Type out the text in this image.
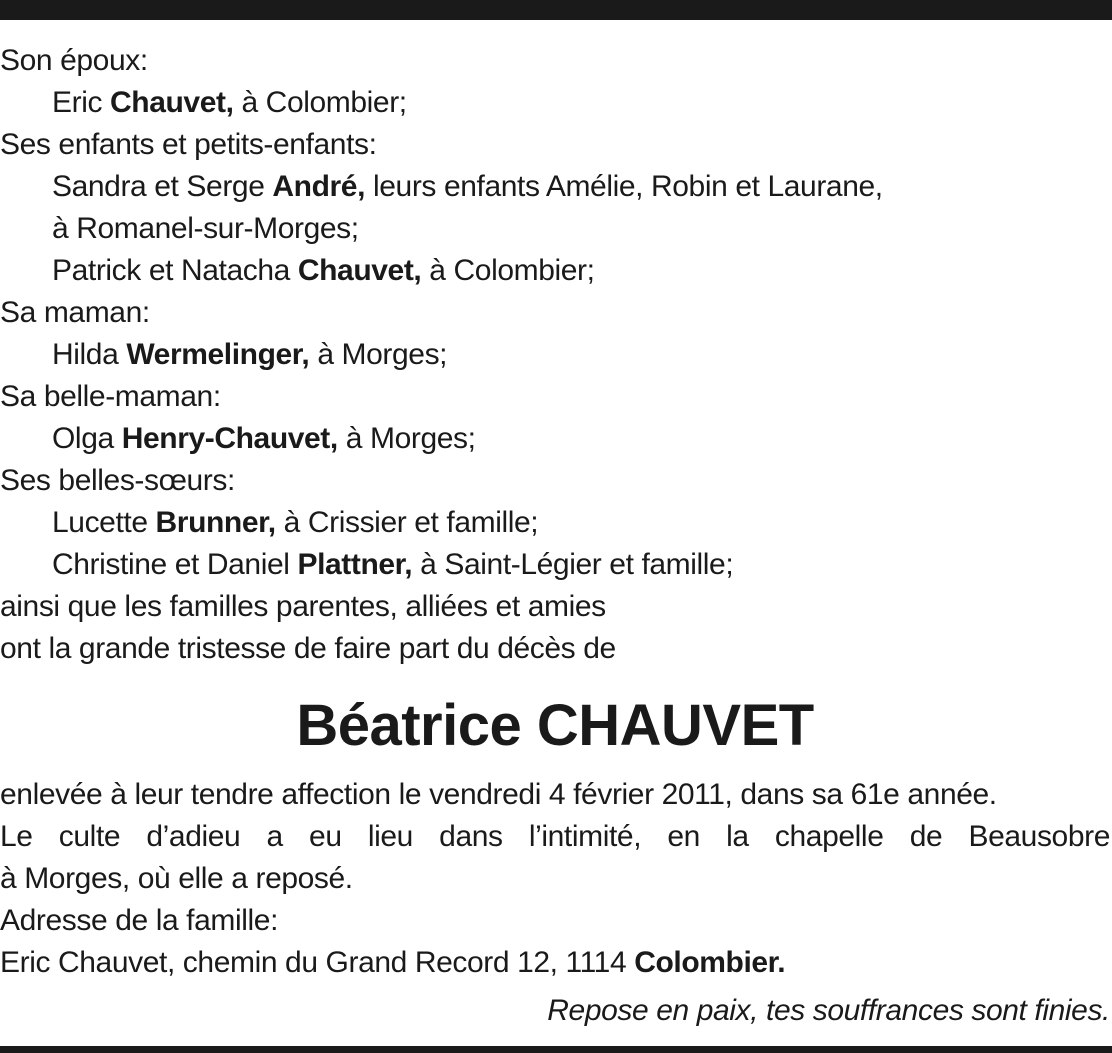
Son époux:
Eric Chauvet, à Colombier;
Ses enfants et petits-enfants:
Sandra et Serge André, leurs enfants Amélie, Robin et Laurane,
à Romanel-sur-Morges;
Patrick et Natacha Chauvet, à Colombier;
Sa maman:
Hilda Wermelinger, à Morges;
Sa belle-maman:
Olga Henry-Chauvet, à Morges;
Ses belles-sœurs:
Lucette Brunner, à Crissier et famille;
Christine et Daniel Plattner, à Saint-Légier et famille;
ainsi que les familles parentes, alliées et amies
ont la grande tristesse de faire part du décès de
Béatrice CHAUVET
enlevée à leur tendre affection le vendredi 4 février 2011, dans sa 61e année.
Le culte d’adieu a eu lieu dans l’intimité, en la chapelle de Beausobre
à Morges, où elle a reposé.
Adresse de la famille:
Eric Chauvet, chemin du Grand Record 12, 1114 Colombier.
Repose en paix, tes souffrances sont finies.
